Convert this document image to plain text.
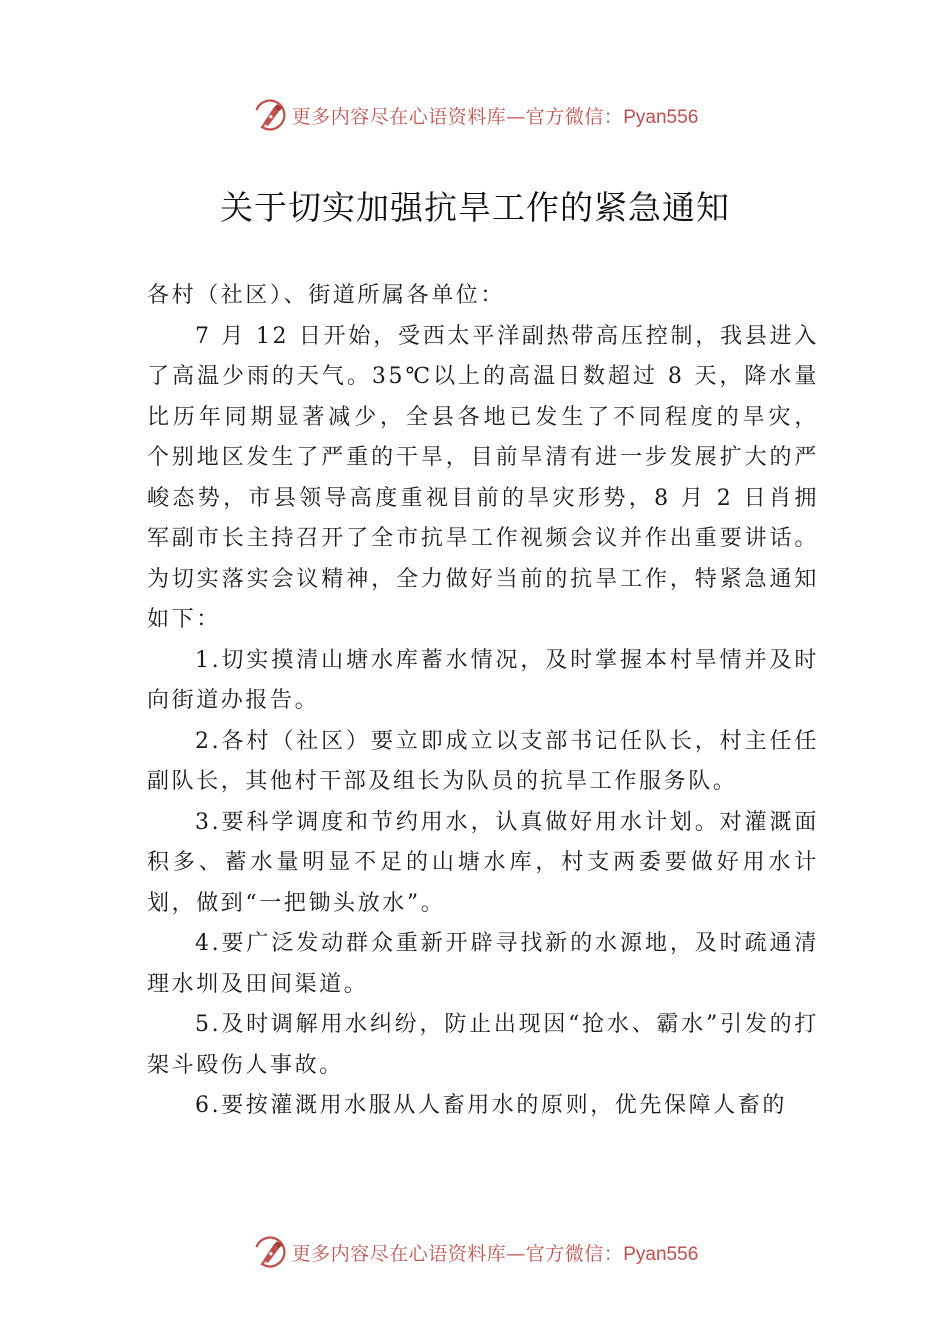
更多内容尽在心语资料库—官方微信：Pyan556
关于切实加强抗旱工作的紧急通知

各村（社区）、街道所属各单位：

7 月 12 日开始，受西太平洋副热带高压控制，我县进入了高温少雨的天气。35℃以上的高温日数超过 8 天，降水量比历年同期显著减少，全县各地已发生了不同程度的旱灾， 个别地区发生了严重的干旱，目前旱清有进一步发展扩大的严峻态势，市县领导高度重视目前的旱灾形势，8 月 2 日肖拥军副市长主持召开了全市抗旱工作视频会议并作出重要讲话。为切实落实会议精神，全力做好当前的抗旱工作，特紧急通知如下：

1.切实摸清山塘水库蓄水情况，及时掌握本村旱情并及时向街道办报告。

2.各村（社区）要立即成立以支部书记任队长，村主任任副队长，其他村干部及组长为队员的抗旱工作服务队。

3.要科学调度和节约用水，认真做好用水计划。对灌溉面积多、蓄水量明显不足的山塘水库，村支两委要做好用水计划，做到“一把锄头放水”。

4.要广泛发动群众重新开辟寻找新的水源地，及时疏通清理水圳及田间渠道。

5.及时调解用水纠纷，防止出现因“抢水、霸水”引发的打架斗殴伤人事故。

6.要按灌溉用水服从人畜用水的原则，优先保障人畜的

更多内容尽在心语资料库—官方微信：Pyan556
